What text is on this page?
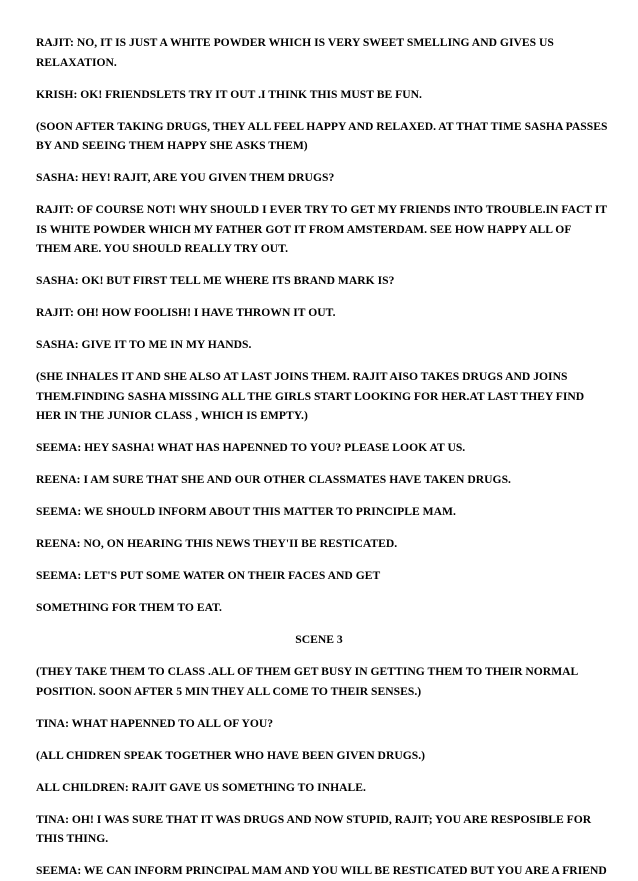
RAJIT: NO, IT IS JUST A WHITE POWDER WHICH IS VERY SWEET SMELLING AND GIVES US RELAXATION.

KRISH: OK! FRIENDSLETS TRY IT OUT .I THINK THIS MUST BE FUN.

(SOON AFTER TAKING DRUGS, THEY ALL FEEL HAPPY AND RELAXED. AT THAT TIME SASHA PASSES BY AND SEEING THEM HAPPY SHE ASKS THEM)

SASHA: HEY! RAJIT, ARE YOU GIVEN THEM DRUGS?

RAJIT: OF COURSE NOT! WHY SHOULD I EVER TRY TO GET MY FRIENDS INTO TROUBLE.IN FACT IT IS WHITE POWDER WHICH MY FATHER GOT IT FROM AMSTERDAM. SEE HOW HAPPY ALL OF THEM ARE. YOU SHOULD REALLY TRY OUT.

SASHA: OK! BUT FIRST TELL ME WHERE ITS BRAND MARK IS?

RAJIT: OH! HOW FOOLISH! I HAVE THROWN IT OUT.

SASHA: GIVE IT TO ME IN MY HANDS.

(SHE INHALES IT AND SHE ALSO AT LAST JOINS THEM. RAJIT AISO TAKES DRUGS AND JOINS THEM.FINDING SASHA MISSING ALL THE GIRLS START LOOKING FOR HER.AT LAST THEY FIND HER IN THE JUNIOR CLASS , WHICH IS EMPTY.)

SEEMA: HEY SASHA! WHAT HAS HAPENNED TO YOU? PLEASE LOOK AT US.

REENA: I AM SURE THAT SHE AND OUR OTHER CLASSMATES HAVE TAKEN DRUGS.

SEEMA: WE SHOULD INFORM ABOUT THIS MATTER TO PRINCIPLE MAM.

REENA: NO, ON HEARING THIS NEWS THEY'II BE RESTICATED.

SEEMA: LET'S PUT SOME WATER ON THEIR FACES AND GET

SOMETHING FOR THEM TO EAT.

SCENE 3

(THEY TAKE THEM TO CLASS .ALL OF THEM GET BUSY IN GETTING THEM TO THEIR NORMAL POSITION. SOON AFTER 5 MIN THEY ALL COME TO THEIR SENSES.)

TINA: WHAT HAPENNED TO ALL OF YOU?

(ALL CHIDREN SPEAK TOGETHER WHO HAVE BEEN GIVEN DRUGS.)

ALL CHILDREN: RAJIT GAVE US SOMETHING TO INHALE.

TINA: OH! I WAS SURE THAT IT WAS DRUGS AND NOW STUPID, RAJIT; YOU ARE RESPOSIBLE FOR THIS THING.

SEEMA: WE CAN INFORM PRINCIPAL MAM AND YOU WILL BE RESTICATED BUT YOU ARE A FRIEND
